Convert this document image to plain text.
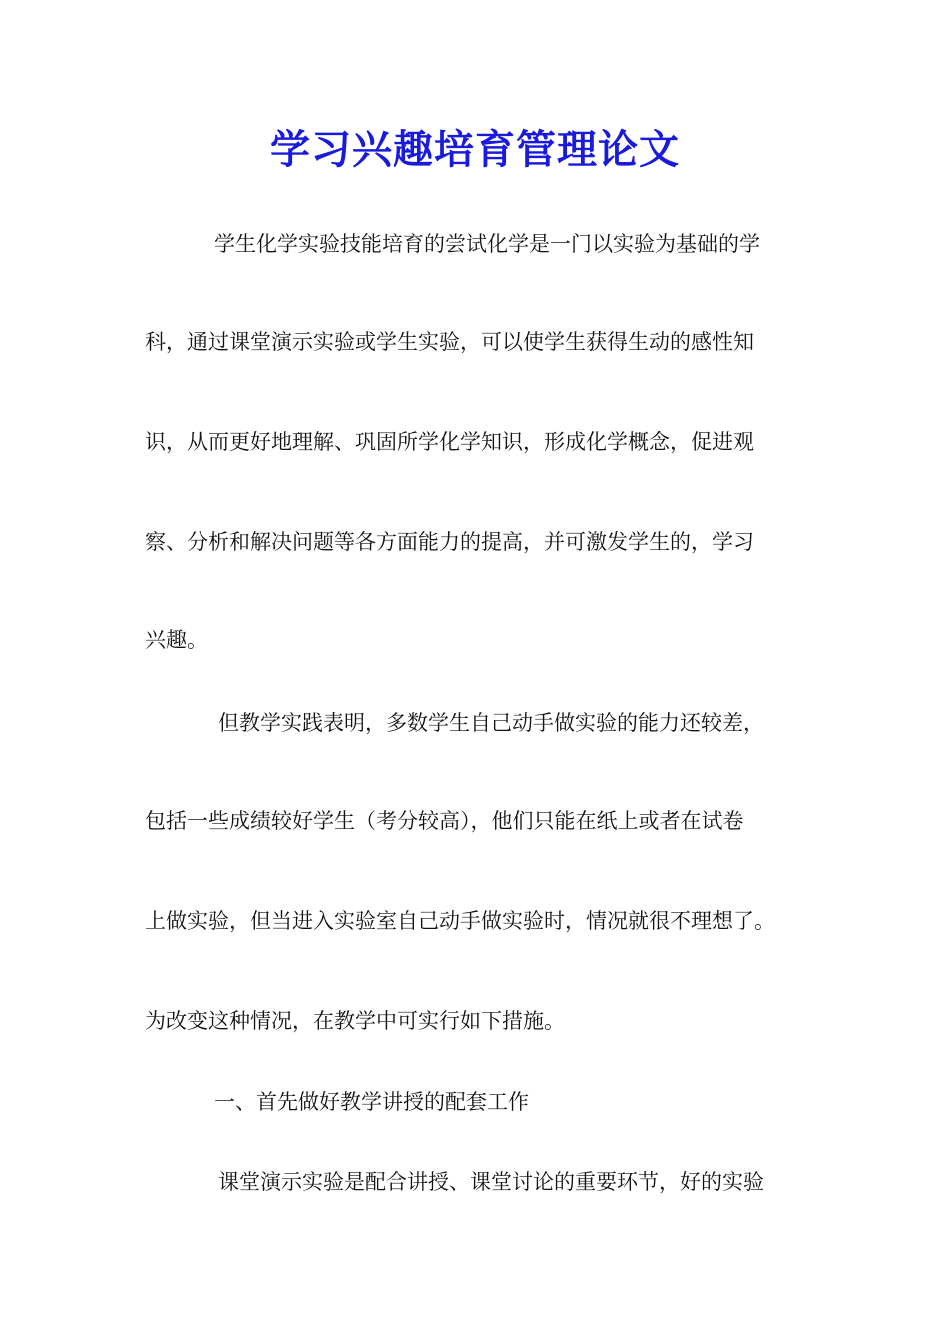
学习兴趣培育管理论文
学生化学实验技能培育的尝试化学是一门以实验为基础的学
科，通过课堂演示实验或学生实验，可以使学生获得生动的感性知
识，从而更好地理解、巩固所学化学知识，形成化学概念，促进观
察、分析和解决问题等各方面能力的提高，并可激发学生的，学习
兴趣。
但教学实践表明，多数学生自己动手做实验的能力还较差，
包括一些成绩较好学生（考分较高），他们只能在纸上或者在试卷
上做实验，但当进入实验室自己动手做实验时，情况就很不理想了。
为改变这种情况，在教学中可实行如下措施。
一、首先做好教学讲授的配套工作
课堂演示实验是配合讲授、课堂讨论的重要环节，好的实验
